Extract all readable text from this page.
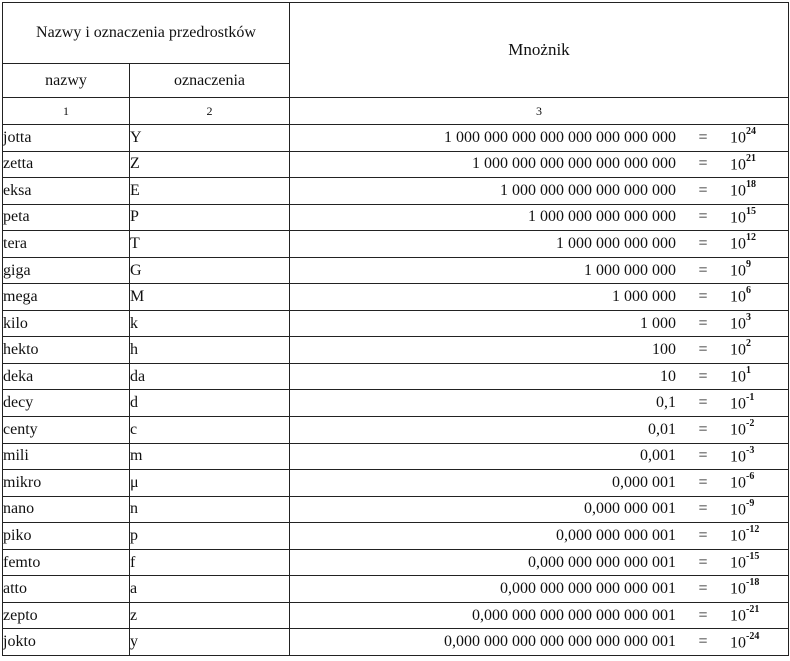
Nazwy i oznaczenia przedrostków		Mnożnik
nazwy	oznaczenia	
1	2	3
jotta	Y	1 000 000 000 000 000 000 000 $000 = 10^{24}$

zetta	Z	1 000 000 000 000 000 000 $000 = 10^{21}$

eksa	E	1 000 000 000 000 000 $000 = 10^{18}$

peta	P	1 000 000 000 000 $000 = 10^{15}$

tera	T	1 000 000 000 $000 = 10^{12}$

giga	G	1 000 000 $000 = 10^9$

mega	M	1 000 $000 = 10^6$

kilo	k	1 $000 = 10^3$

hekto	h	$100 = 10^2$

deka	da	$10 = 10^1$

decy	d	$0,1 = 10^{-1}$

centy	c	$0,01 = 10^{-2}$

mili	m	$0,001 = 10^{-3}$

mikro	μ	0,000 $001 = 10^{-6}$

nano	n	0,000 000 $001 = 10^{-9}$

piko	p	0,000 000 000 $001 = 10^{-12}$

femto	f	0,000 000 000 000 $001 = 10^{-15}$

atto	a	0,000 000 000 000 000 $001 = 10^{-18}$

zepto	z	0,000 000 000 000 000 000 $001 = 10^{-21}$

jokto	y	0,000 000 000 000 000 000 000 $001 = 10^{-24}$
